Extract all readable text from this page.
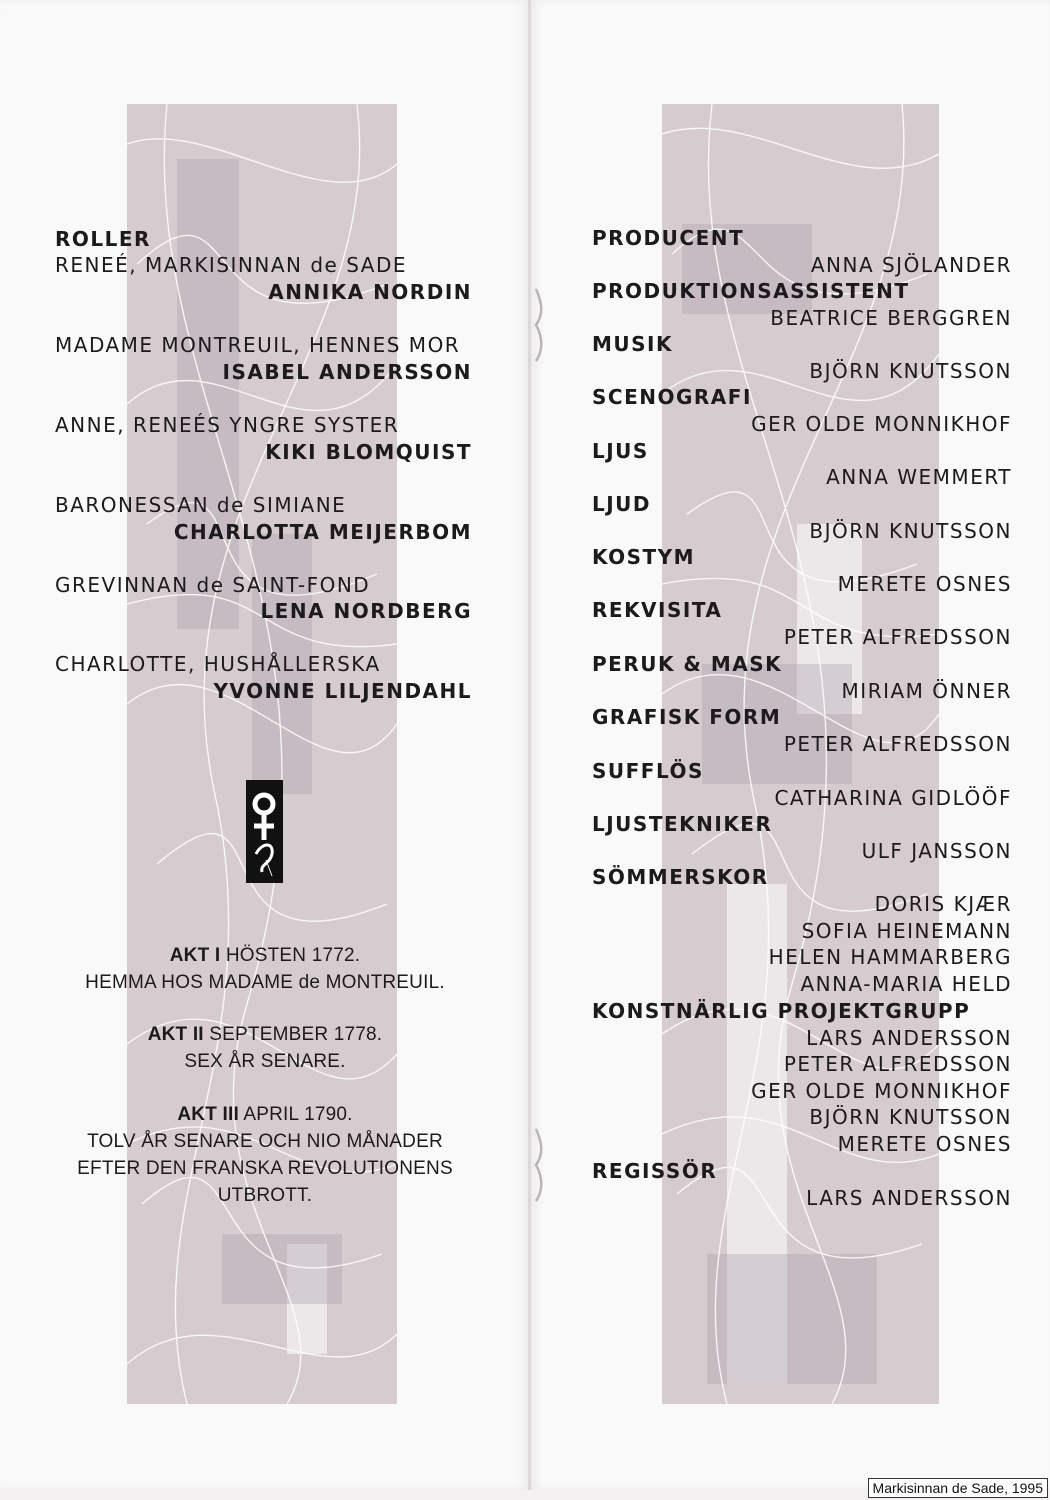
ROLLER
RENEÉ, MARKISINNAN de SADE
ANNIKA NORDIN
MADAME MONTREUIL, HENNES MOR
ISABEL ANDERSSON
ANNE, RENEÉS YNGRE SYSTER
KIKI BLOMQUIST
BARONESSAN de SIMIANE
CHARLOTTA MEIJERBOM
GREVINNAN de SAINT-FOND
LENA NORDBERG
CHARLOTTE, HUSHÅLLERSKA
YVONNE LILJENDAHL
AKT I HÖSTEN 1772.
HEMMA HOS MADAME de MONTREUIL.
AKT II SEPTEMBER 1778.
SEX ÅR SENARE.
AKT III APRIL 1790.
TOLV ÅR SENARE OCH NIO MÅNADER
EFTER DEN FRANSKA REVOLUTIONENS
UTBROTT.
PRODUCENT
ANNA SJÖLANDER
PRODUKTIONSASSISTENT
BEATRICE BERGGREN
MUSIK
BJÖRN KNUTSSON
SCENOGRAFI
GER OLDE MONNIKHOF
LJUS
ANNA WEMMERT
LJUD
BJÖRN KNUTSSON
KOSTYM
MERETE OSNES
REKVISITA
PETER ALFREDSSON
PERUK & MASK
MIRIAM ÖNNER
GRAFISK FORM
PETER ALFREDSSON
SUFFLÖS
CATHARINA GIDLÖÖF
LJUSTEKNIKER
ULF JANSSON
SÖMMERSKOR
DORIS KJÆR
SOFIA HEINEMANN
HELEN HAMMARBERG
ANNA-MARIA HELD
KONSTNÄRLIG PROJEKTGRUPP
LARS ANDERSSON
PETER ALFREDSSON
GER OLDE MONNIKHOF
BJÖRN KNUTSSON
MERETE OSNES
REGISSÖR
LARS ANDERSSON
Markisinnan de Sade, 1995
